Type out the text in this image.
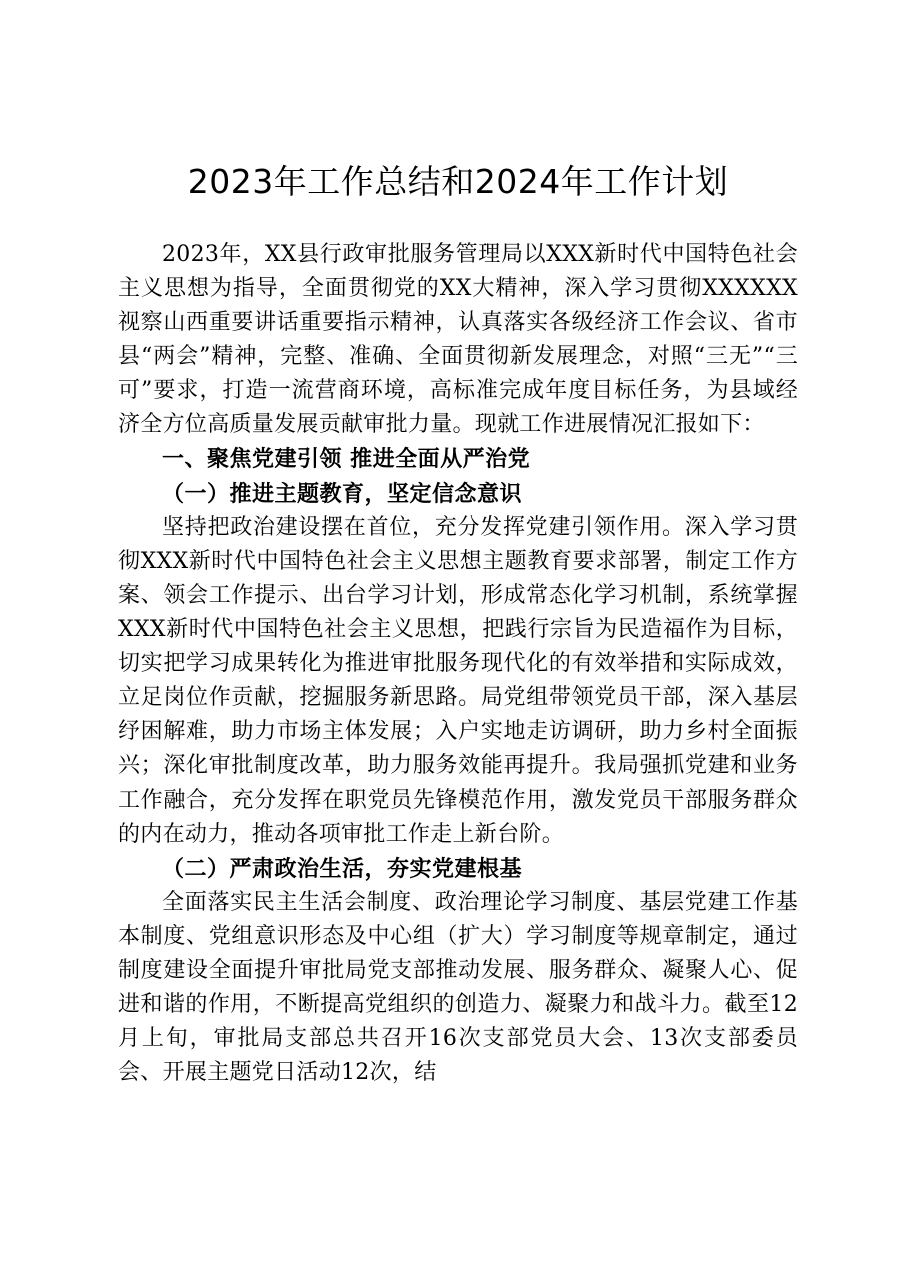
2023年工作总结和2024年工作计划

2023年，XX县行政审批服务管理局以XXX新时代中国特色社会主义思想为指导，全面贯彻党的XX大精神，深入学习贯彻XXXXXX视察山西重要讲话重要指示精神，认真落实各级经济工作会议、省市县“两会”精神，完整、准确、全面贯彻新发展理念，对照“三无”“三可”要求，打造一流营商环境，高标准完成年度目标任务，为县域经济全方位高质量发展贡献审批力量。现就工作进展情况汇报如下：

一、聚焦党建引领 推进全面从严治党

（一）推进主题教育，坚定信念意识

坚持把政治建设摆在首位，充分发挥党建引领作用。深入学习贯彻XXX新时代中国特色社会主义思想主题教育要求部署，制定工作方案、领会工作提示、出台学习计划，形成常态化学习机制，系统掌握XXX新时代中国特色社会主义思想，把践行宗旨为民造福作为目标，切实把学习成果转化为推进审批服务现代化的有效举措和实际成效，立足岗位作贡献，挖掘服务新思路。局党组带领党员干部，深入基层纾困解难，助力市场主体发展；入户实地走访调研，助力乡村全面振兴；深化审批制度改革，助力服务效能再提升。我局强抓党建和业务工作融合，充分发挥在职党员先锋模范作用，激发党员干部服务群众的内在动力，推动各项审批工作走上新台阶。

（二）严肃政治生活，夯实党建根基

全面落实民主生活会制度、政治理论学习制度、基层党建工作基本制度、党组意识形态及中心组（扩大）学习制度等规章制定，通过制度建设全面提升审批局党支部推动发展、服务群众、凝聚人心、促进和谐的作用，不断提高党组织的创造力、凝聚力和战斗力。截至12月上旬，审批局支部总共召开16次支部党员大会、13次支部委员会、开展主题党日活动12次，结
